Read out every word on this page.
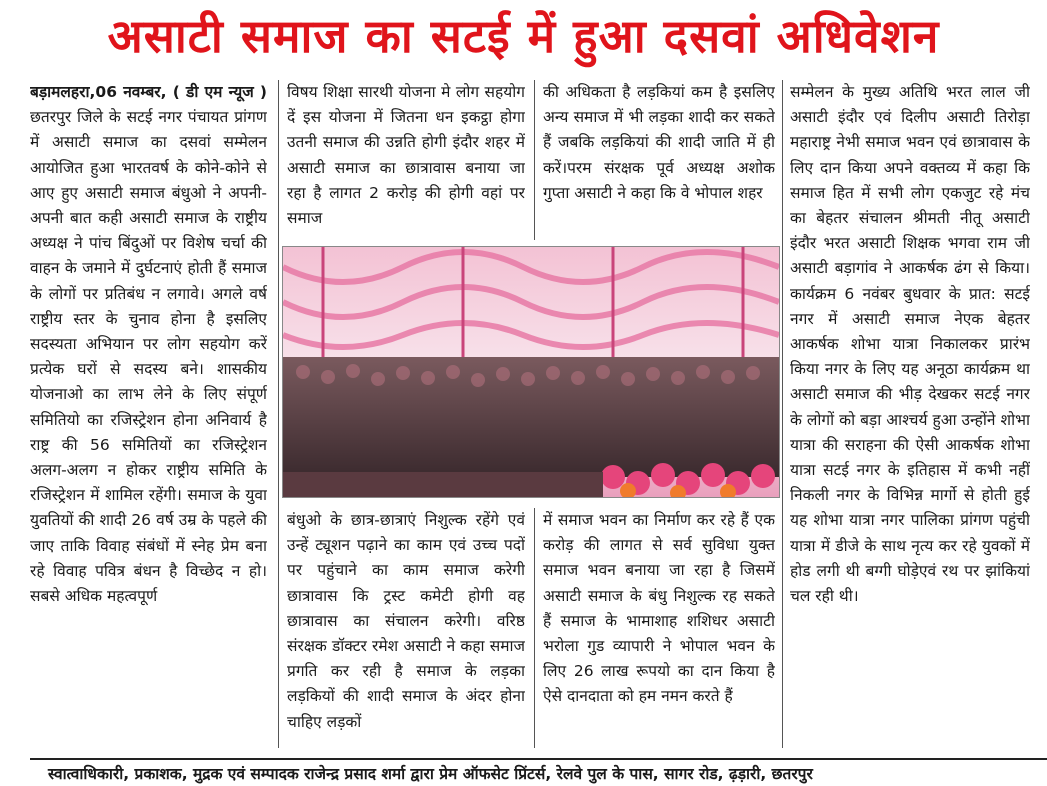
असाटी समाज का सटई में हुआ दसवां अधिवेशन

बड़ामलहरा,06 नवम्बर, ( डी एम न्यूज ) छतरपुर जिले के सटई नगर पंचायत प्रांगण में असाटी समाज का दसवां सम्मेलन आयोजित हुआ भारतवर्ष के कोने-कोने से आए हुए असाटी समाज बंधुओ ने अपनी-अपनी बात कही असाटी समाज के राष्ट्रीय अध्यक्ष ने पांच बिंदुओं पर विशेष चर्चा की वाहन के जमाने में दुर्घटनाएं होती हैं समाज के लोगों पर प्रतिबंध न लगावे। अगले वर्ष राष्ट्रीय स्तर के चुनाव होना है इसलिए सदस्यता अभियान पर लोग सहयोग करें प्रत्येक घरों से सदस्य बने। शासकीय योजनाओ का लाभ लेने के लिए संपूर्ण समितियो का रजिस्ट्रेशन होना अनिवार्य है राष्ट्र की 56 समितियों का रजिस्ट्रेशन अलग-अलग न होकर राष्ट्रीय समिति के रजिस्ट्रेशन में शामिल रहेंगी। समाज के युवा युवतियों की शादी 26 वर्ष उम्र के पहले की जाए ताकि विवाह संबंधों में स्नेह प्रेम बना रहे विवाह पवित्र बंधन है विच्छेद न हो। सबसे अधिक महत्वपूर्ण

विषय शिक्षा सारथी योजना मे लोग सहयोग दें इस योजना में जितना धन इकट्ठा होगा उतनी समाज की उन्नति होगी इंदौर शहर में असाटी समाज का छात्रावास बनाया जा रहा है लागत 2 करोड़ की होगी वहां पर समाज

की अधिकता है लड़कियां कम है इसलिए अन्य समाज में भी लड़का शादी कर सकते हैं जबकि लड़कियां की शादी जाति में ही करें।परम संरक्षक पूर्व अध्यक्ष अशोक गुप्ता असाटी ने कहा कि वे भोपाल शहर

बंधुओ के छात्र-छात्राएं निशुल्क रहेंगे एवं उन्हें ट्यूशन पढ़ाने का काम एवं उच्च पदों पर पहुंचाने का काम समाज करेगी छात्रावास कि ट्रस्ट कमेटी होगी वह छात्रावास का संचालन करेगी। वरिष्ठ संरक्षक डॉक्टर रमेश असाटी ने कहा समाज प्रगति कर रही है समाज के लड़का लड़कियों की शादी समाज के अंदर होना चाहिए लड़कों

में समाज भवन का निर्माण कर रहे हैं एक करोड़ की लागत से सर्व सुविधा युक्त समाज भवन बनाया जा रहा है जिसमें असाटी समाज के बंधु निशुल्क रह सकते हैं समाज के भामाशाह शशिधर असाटी भरोला गुड व्यापारी ने भोपाल भवन के लिए 26 लाख रूपयो का दान किया है ऐसे दानदाता को हम नमन करते हैं

सम्मेलन के मुख्य अतिथि भरत लाल जी असाटी इंदौर एवं दिलीप असाटी तिरोड़ा महाराष्ट्र नेभी समाज भवन एवं छात्रावास के लिए दान किया अपने वक्तव्य में कहा कि समाज हित में सभी लोग एकजुट रहे मंच का बेहतर संचालन श्रीमती नीतू असाटी इंदौर भरत असाटी शिक्षक भगवा राम जी असाटी बड़ागांव ने आकर्षक ढंग से किया। कार्यक्रम 6 नवंबर बुधवार के प्रात: सटई नगर में असाटी समाज नेएक बेहतर आकर्षक शोभा यात्रा निकालकर प्रारंभ किया नगर के लिए यह अनूठा कार्यक्रम था असाटी समाज की भीड़ देखकर सटई नगर के लोगों को बड़ा आश्चर्य हुआ उन्होंने शोभा यात्रा की सराहना की ऐसी आकर्षक शोभा यात्रा सटई नगर के इतिहास में कभी नहीं निकली नगर के विभिन्न मार्गो से होती हुई यह शोभा यात्रा नगर पालिका प्रांगण पहुंची यात्रा में डीजे के साथ नृत्य कर रहे युवकों में होड लगी थी बग्गी घोड़ेएवं रथ पर झांकियां चल रही थी।

स्वात्वाधिकारी, प्रकाशक, मुद्रक एवं सम्पादक राजेन्द्र प्रसाद शर्मा द्वारा प्रेम ऑफसेट प्रिंटर्स, रेलवे पुल के पास, सागर रोड, ढ़ड़ारी, छतरपुर
